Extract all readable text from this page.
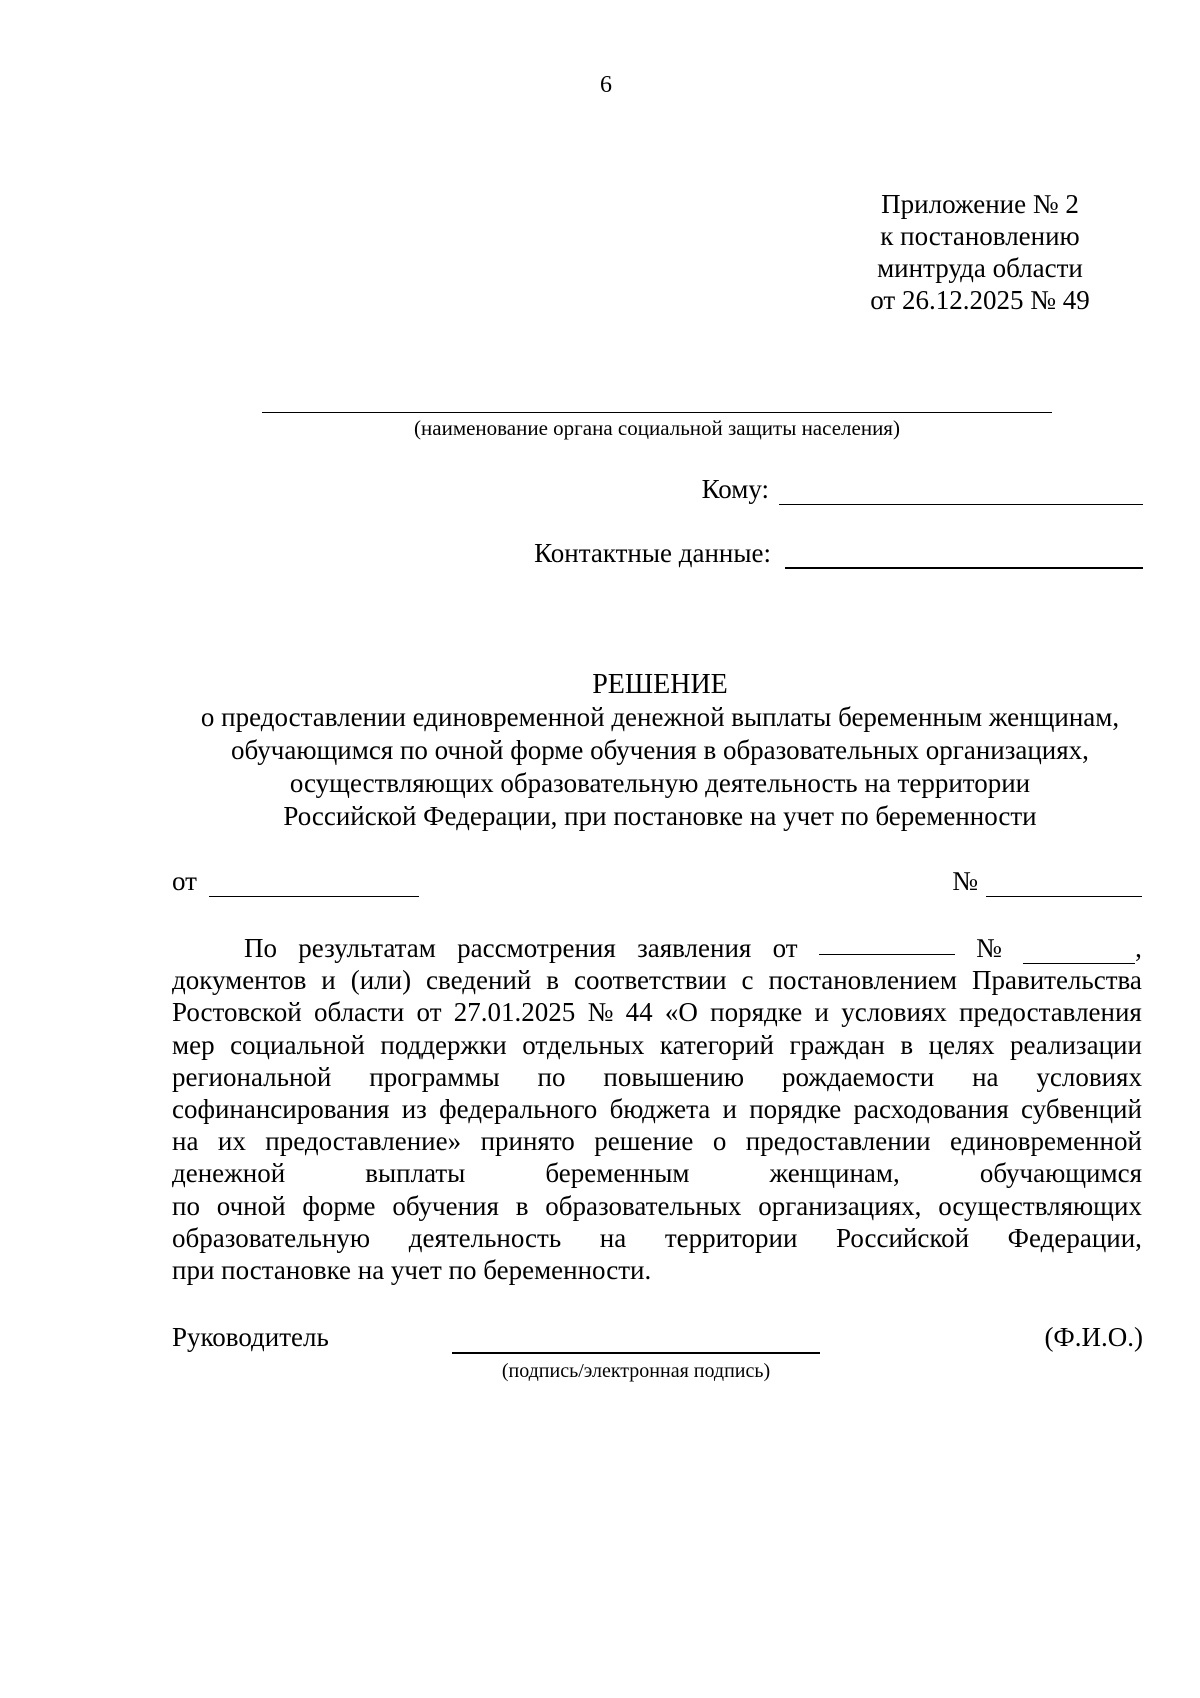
6
Приложение № 2
к постановлению
минтруда области
от 26.12.2025 № 49
(наименование органа социальной защиты населения)
Кому:
Контактные данные:
РЕШЕНИЕ
о предоставлении единовременной денежной выплаты беременным женщинам,
обучающимся по очной форме обучения в образовательных организациях,
осуществляющих образовательную деятельность на территории
Российской Федерации, при постановке на учет по беременности
от	№
По результатам рассмотрения заявления от	№	,
документов и (или) сведений в соответствии с постановлением Правительства
Ростовской области от 27.01.2025 № 44 «О порядке и условиях предоставления
мер социальной поддержки отдельных категорий граждан в целях реализации
региональной программы по повышению рождаемости на условиях
софинансирования из федерального бюджета и порядке расходования субвенций
на их предоставление» принято решение о предоставлении единовременной
денежной	выплаты	беременным	женщинам,	обучающимся
по очной форме обучения в образовательных организациях, осуществляющих
образовательную деятельность на территории Российской Федерации,
при постановке на учет по беременности.
Руководитель
(подпись/электронная подпись)
(Ф.И.О.)
